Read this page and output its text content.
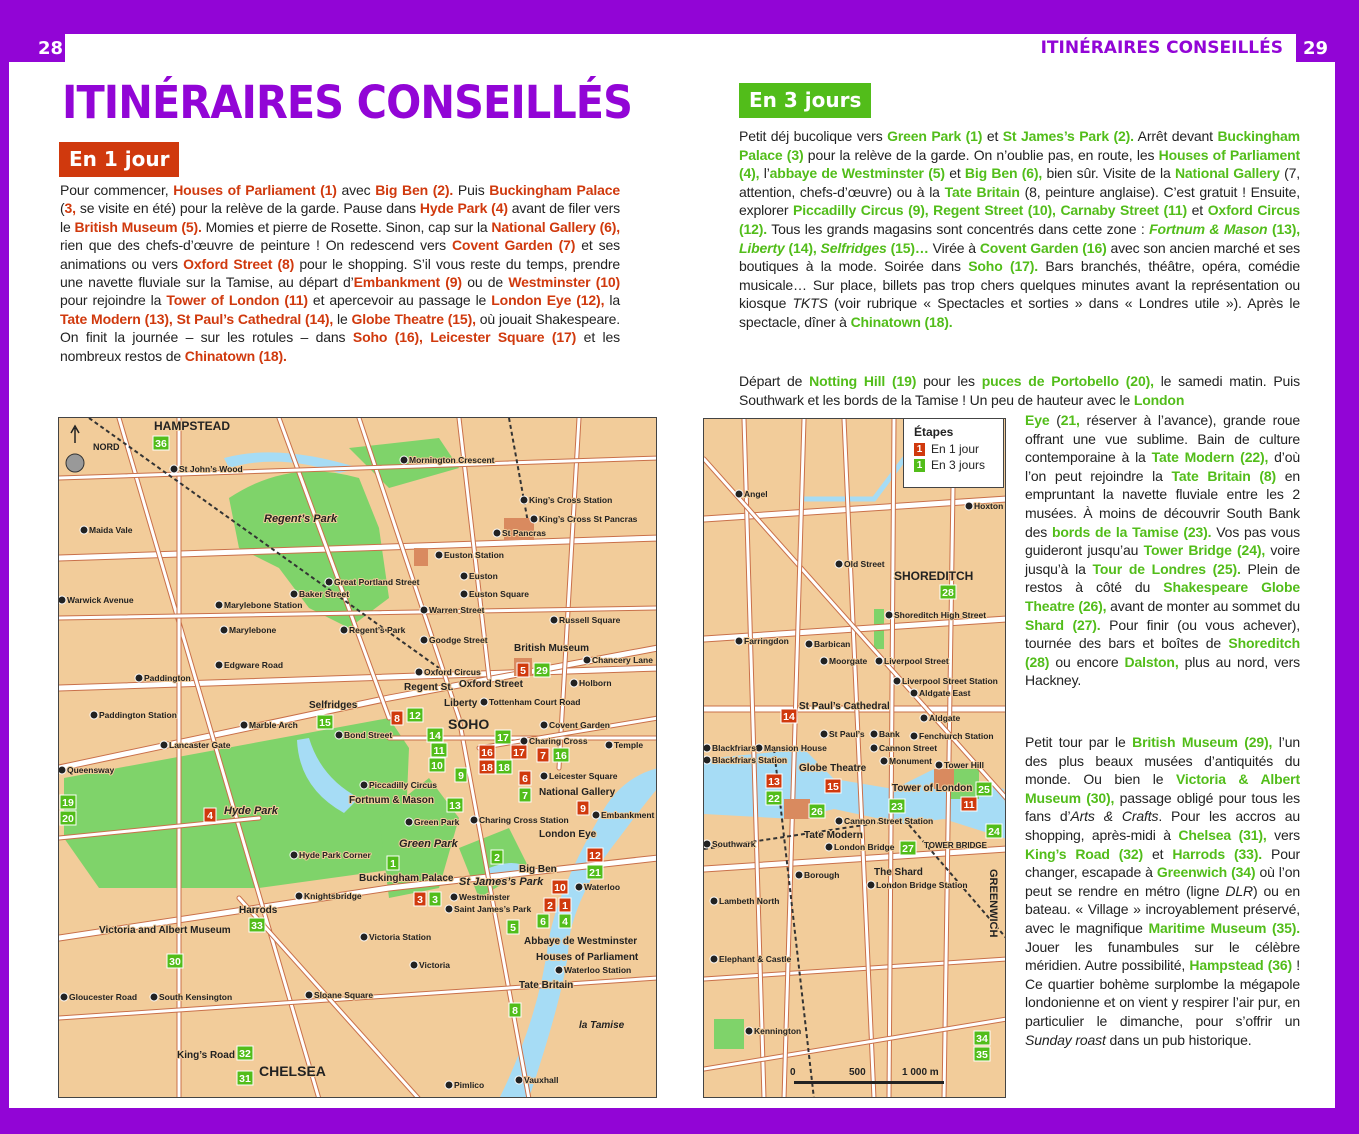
28	29
ITINÉRAIRES CONSEILLÉS
ITINÉRAIRES CONSEILLÉS
En 1 jour
Pour commencer, Houses of Parliament (1) avec Big Ben (2). Puis Buckingham Palace (3, se visite en été) pour la relève de la garde. Pause dans Hyde Park (4) avant de filer vers le British Museum (5). Momies et pierre de Rosette. Sinon, cap sur la National Gallery (6), rien que des chefs-d’œuvre de peinture ! On redescend vers Covent Garden (7) et ses animations ou vers Oxford Street (8) pour le shopping. S’il vous reste du temps, prendre une navette fluviale sur la Tamise, au départ d’Embankment (9) ou de Westminster (10) pour rejoindre la Tower of London (11) et apercevoir au passage le London Eye (12), la Tate Modern (13), St Paul’s Cathedral (14), le Globe Theatre (15), où jouait Shakespeare. On finit la journée – sur les rotules – dans Soho (16), Leicester Square (17) et les nombreux restos de Chinatown (18).
En 3 jours
Petit déj bucolique vers Green Park (1) et St James’s Park (2). Arrêt devant Buckingham Palace (3) pour la relève de la garde. On n’oublie pas, en route, les Houses of Parliament (4), l’abbaye de Westminster (5) et Big Ben (6), bien sûr. Visite de la National Gallery (7, attention, chefs-d’œuvre) ou à la Tate Britain (8, peinture anglaise). C’est gratuit ! Ensuite, explorer Piccadilly Circus (9), Regent Street (10), Carnaby Street (11) et Oxford Circus (12). Tous les grands magasins sont concentrés dans cette zone : Fortnum & Mason (13), Liberty (14), Selfridges (15)… Virée à Covent Garden (16) avec son ancien marché et ses boutiques à la mode. Soirée dans Soho (17). Bars branchés, théâtre, opéra, comédie musicale… Sur place, billets pas trop chers quelques minutes avant la représentation ou kiosque TKTS (voir rubrique « Spectacles et sorties » dans « Londres utile »). Après le spectacle, dîner à Chinatown (18).
Départ de Notting Hill (19) pour les puces de Portobello (20), le samedi matin. Puis Southwark et les bords de la Tamise ! Un peu de hauteur avec le London
Eye (21, réserver à l’avance), grande roue offrant une vue sublime. Bain de culture contemporaine à la Tate Modern (22), d’où l’on peut rejoindre la Tate Britain (8) en empruntant la navette fluviale entre les 2 musées. À moins de découvrir South Bank des bords de la Tamise (23). Vos pas vous guideront jusqu’au Tower Bridge (24), voire jusqu’à la Tour de Londres (25). Plein de restos à côté du Shakespeare Globe Theatre (26), avant de monter au sommet du Shard (27). Pour finir (ou vous achever), tournée des bars et boîtes de Shoreditch (28) ou encore Dalston, plus au nord, vers Hackney.
Petit tour par le British Museum (29), l’un des plus beaux musées d’antiquités du monde. Ou bien le Victoria & Albert Museum (30), passage obligé pour tous les fans d’Arts & Crafts. Pour les accros au shopping, après-midi à Chelsea (31), vers King’s Road (32) et Harrods (33). Pour changer, escapade à Greenwich (34) où l’on peut se rendre en métro (ligne DLR) ou en bateau. « Village » incroyablement préservé, avec le magnifique Maritime Museum (35). Jouer les funambules sur le célèbre méridien. Autre possibilité, Hampstead (36) ! Ce quartier bohème surplombe la mégapole londonienne et on vient y respirer l’air pur, en particulier le dimanche, pour s’offrir un Sunday roast dans un pub historique.
NORD	36
5 29
15	8 12
14
11	16
17
18 18
17 7 16
10
9	6
7
13	9
4
19
20
1	2	12
21
10
2
6
1
4
3 3
5
33
30
8
32
31
HAMPSTEAD
SOHO
CHELSEA
Regent’s Park
Hyde Park
Green Park
St James’s Park
la Tamise
British Museum
Selfridges	Liberty
National Gallery
Fortnum & Mason
Buckingham Palace
London Eye
Big Ben
Houses of Parliament
Abbaye de Westminster
Harrods
Victoria and Albert Museum
Tate Britain
Oxford Street
Regent St.
King’s Road
St John’s Wood
Maida Vale
Warwick Avenue	Marylebone Station
Marylebone
Baker Street
Great Portland Street
Regent’s Park
Mornington Crescent
Euston Station
Euston
Euston Square
Warren Street
Goodge Street
King’s Cross Station
St Pancras
King’s Cross St Pancras
Russell Square
Chancery Lane
Holborn
Tottenham Court Road
Paddington
Paddington Station
Edgware Road
Marble Arch
Bond Street
Lancaster Gate
Queensway
Oxford Circus
Piccadilly Circus
Leicester Square
Covent Garden
Temple
Charing Cross
Charing Cross Station	Embankment
Green Park
Hyde Park Corner
Knightsbridge	Westminster
Waterloo
Waterloo Station
Saint James’s Park
Victoria
Victoria Station
South Kensington
Gloucester Road	Sloane Square
Pimlico	Vauxhall
28
14
13
22
15
26	23	11
25
24
27
34
35
SHOREDITCH
GREENWICH
TOWER BRIDGE
St Paul’s Cathedral
Globe Theatre
Tate Modern
Tower of London
The Shard
Angel
Hoxton
Old Street
Shoreditch High Street
Farringdon	Barbican
Moorgate Liverpool Street
Liverpool Street Station
Aldgate East
Aldgate
St Paul’s Bank
Cannon Street
Fenchurch Station
Mansion House
Blackfriars
Blackfriars Station	Monument Tower Hill
Cannon Street Station
London Bridge
London Bridge Station
Southwark
Borough
Lambeth North
Elephant & Castle
Kennington
0	500	1 000 m
Étapes
1 En 1 jour
1 En 3 jours
